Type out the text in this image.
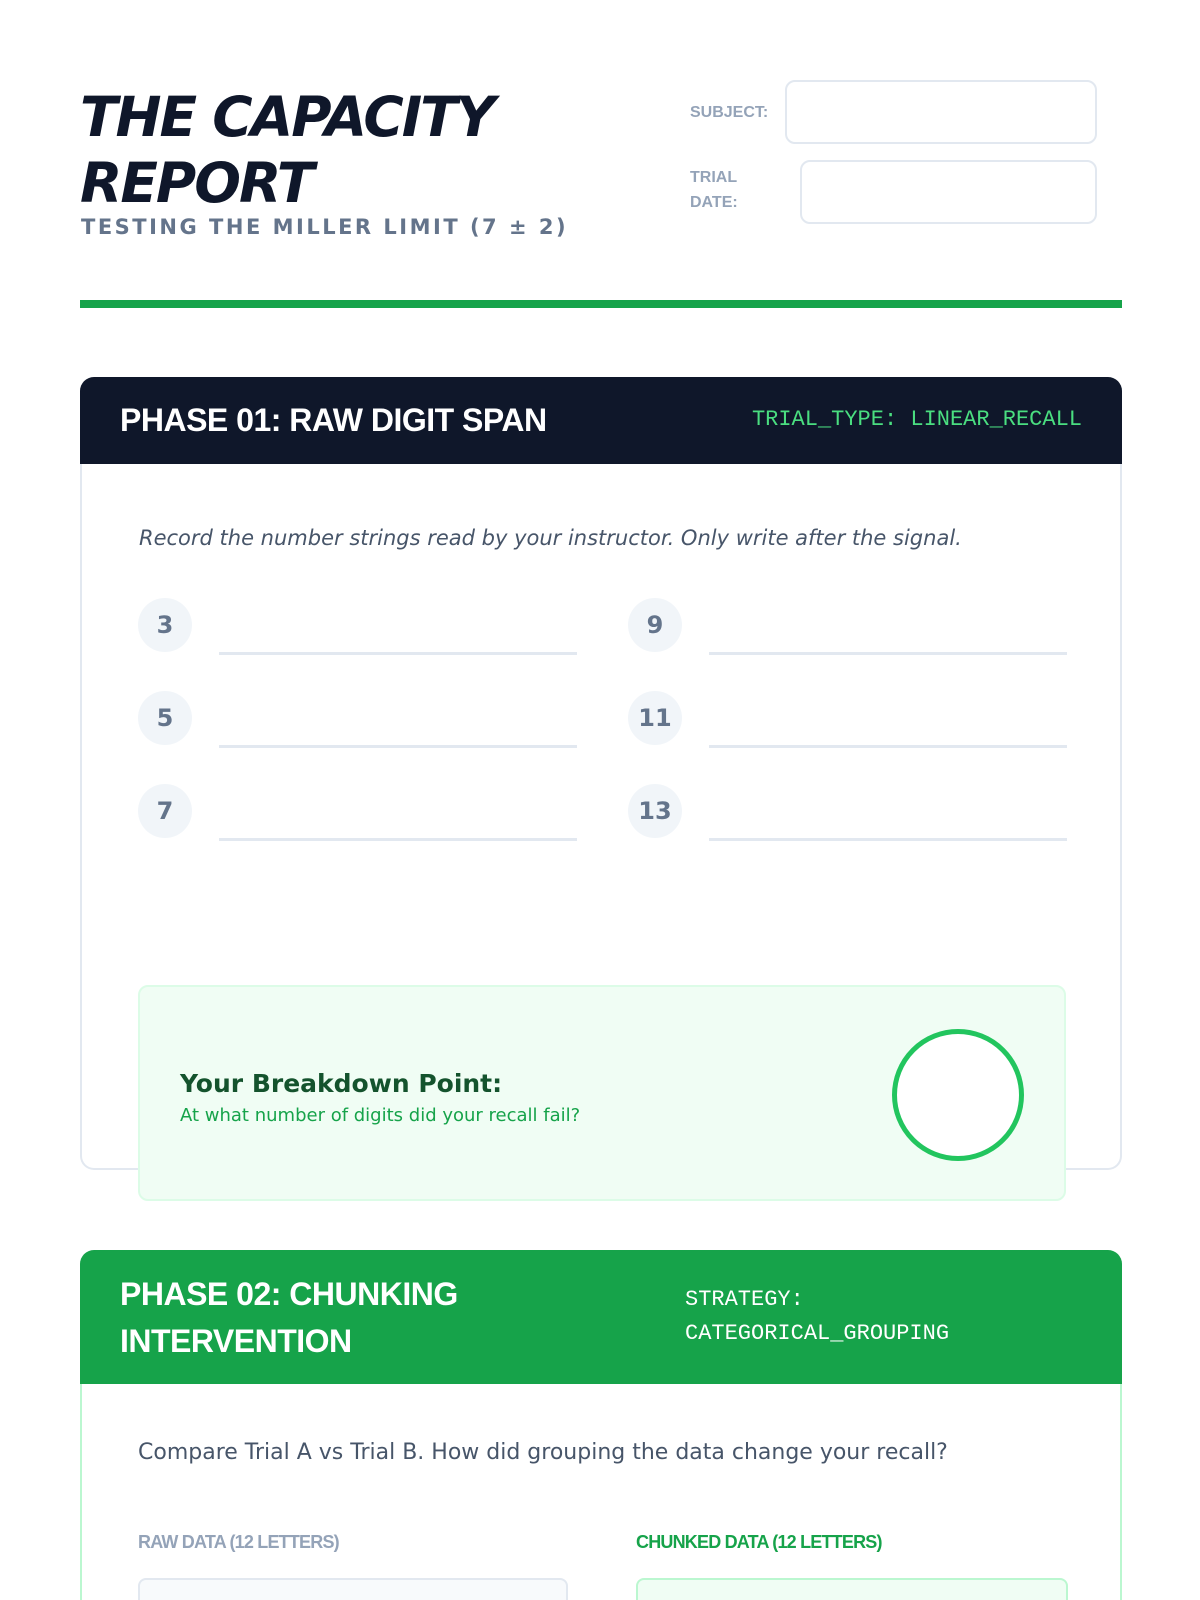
THE CAPACITY
REPORT
TESTING THE MILLER LIMIT (7 ± 2)
SUBJECT:
TRIAL
DATE:
PHASE 01: RAW DIGIT SPAN	TRIAL_TYPE: LINEAR_RECALL
Record the number strings read by your instructor. Only write after the signal.
3	9
5	11
7	13
Your Breakdown Point:
At what number of digits did your recall fail?
PHASE 02: CHUNKING INTERVENTION
STRATEGY:
CATEGORICAL_GROUPING
Compare Trial A vs Trial B. How did grouping the data change your recall?
RAW DATA (12 LETTERS)	CHUNKED DATA (12 LETTERS)
